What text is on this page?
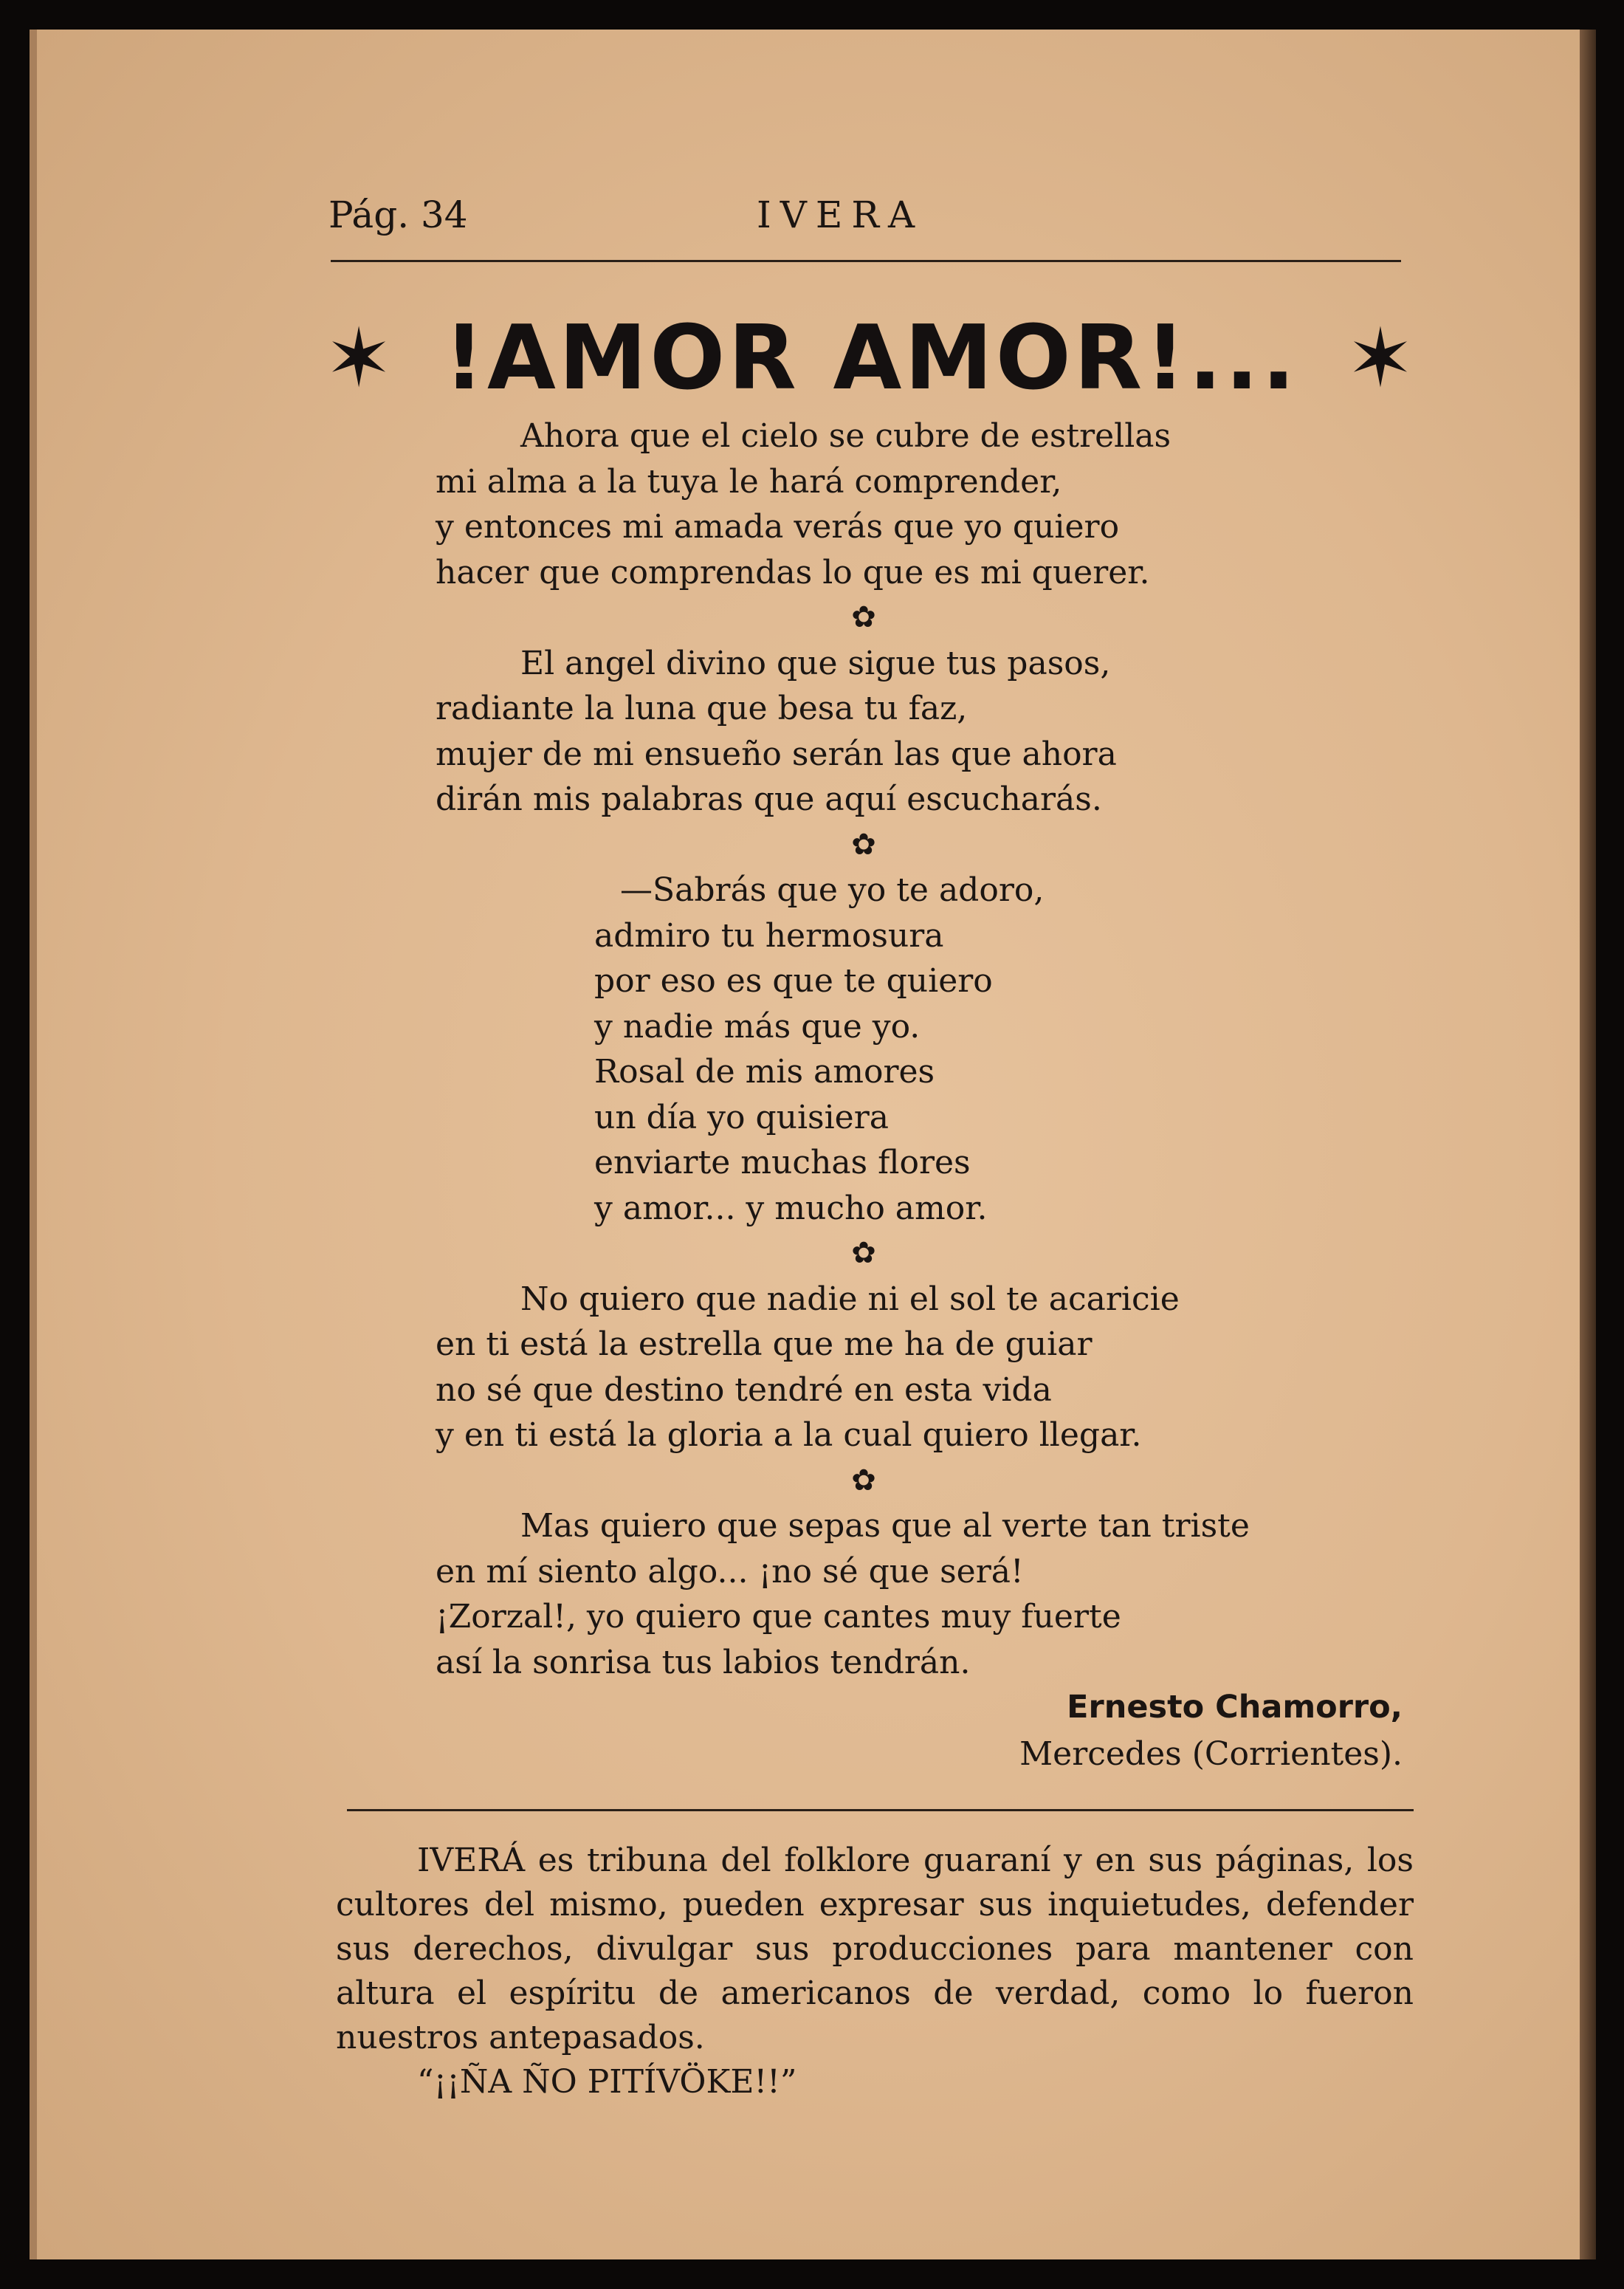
Pág. 34	IVERA
✶ !AMOR AMOR!... ✶
Ahora que el cielo se cubre de estrellas
mi alma a la tuya le hará comprender,
y entonces mi amada verás que yo quiero
hacer que comprendas lo que es mi querer.
✿
El angel divino que sigue tus pasos,
radiante la luna que besa tu faz,
mujer de mi ensueño serán las que ahora
dirán mis palabras que aquí escucharás.
✿
—Sabrás que yo te adoro,
admiro tu hermosura
por eso es que te quiero
y nadie más que yo.
Rosal de mis amores
un día yo quisiera
enviarte muchas flores
y amor... y mucho amor.
✿
No quiero que nadie ni el sol te acaricie
en ti está la estrella que me ha de guiar
no sé que destino tendré en esta vida
y en ti está la gloria a la cual quiero llegar.
✿
Mas quiero que sepas que al verte tan triste
en mí siento algo... ¡no sé que será!
¡Zorzal!, yo quiero que cantes muy fuerte
así la sonrisa tus labios tendrán.
Ernesto Chamorro,
Mercedes (Corrientes).

IVERÁ es tribuna del folklore guaraní y en sus páginas, los cultores del mismo, pueden expresar sus inquietudes, defender sus derechos, divulgar sus producciones para mantener con altura el espíritu de americanos de verdad, como lo fueron nuestros antepasados.

“¡¡ÑA ÑO PITÍVÖKE!!”
